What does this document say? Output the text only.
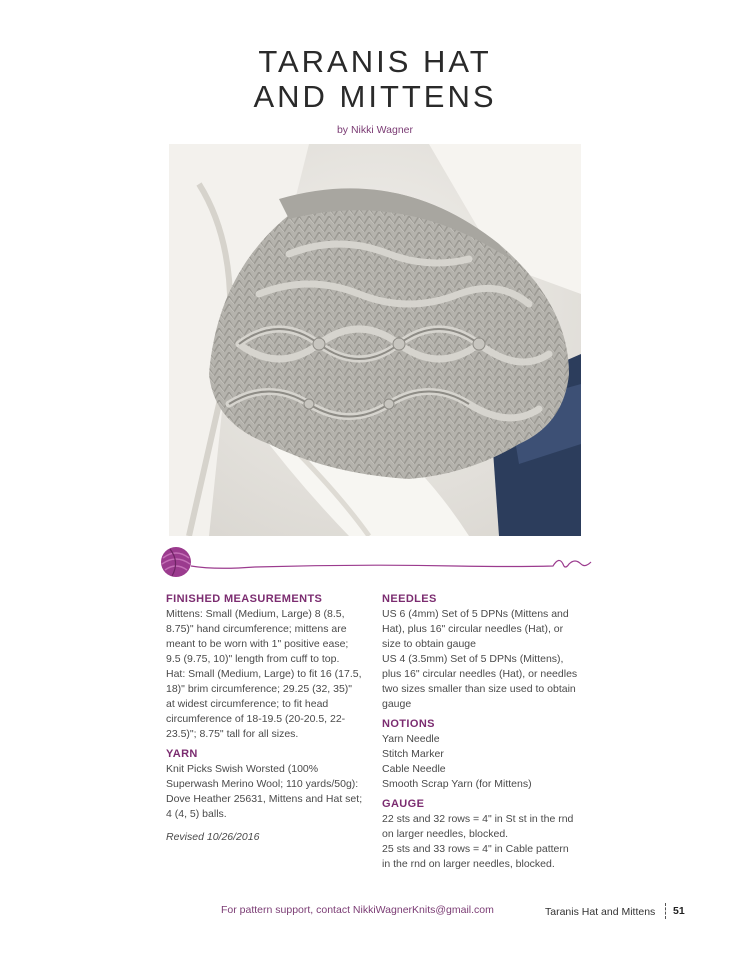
TARANIS HAT
AND MITTENS
by Nikki Wagner
FINISHED MEASUREMENTS

Mittens: Small (Medium, Large) 8 (8.5,

8.75)" hand circumference; mittens are

meant to be worn with 1" positive ease;

9.5 (9.75, 10)" length from cuff to top.

Hat: Small (Medium, Large) to fit 16 (17.5,

18)" brim circumference; 29.25 (32, 35)"

at widest circumference; to fit head

circumference of 18-19.5 (20-20.5, 22-

23.5)"; 8.75" tall for all sizes.

YARN

Knit Picks Swish Worsted (100%

Superwash Merino Wool; 110 yards/50g):

Dove Heather 25631, Mittens and Hat set;

4 (4, 5) balls.

Revised 10/26/2016

NEEDLES

US 6 (4mm) Set of 5 DPNs (Mittens and

Hat), plus 16" circular needles (Hat), or

size to obtain gauge

US 4 (3.5mm) Set of 5 DPNs (Mittens),

plus 16" circular needles (Hat), or needles

two sizes smaller than size used to obtain

gauge

NOTIONS

Yarn Needle

Stitch Marker

Cable Needle

Smooth Scrap Yarn (for Mittens)

GAUGE

22 sts and 32 rows = 4" in St st in the rnd

on larger needles, blocked.

25 sts and 33 rows = 4" in Cable pattern

in the rnd on larger needles, blocked.

For pattern support, contact NikkiWagnerKnits@gmail.com	Taranis Hat and Mittens 51
